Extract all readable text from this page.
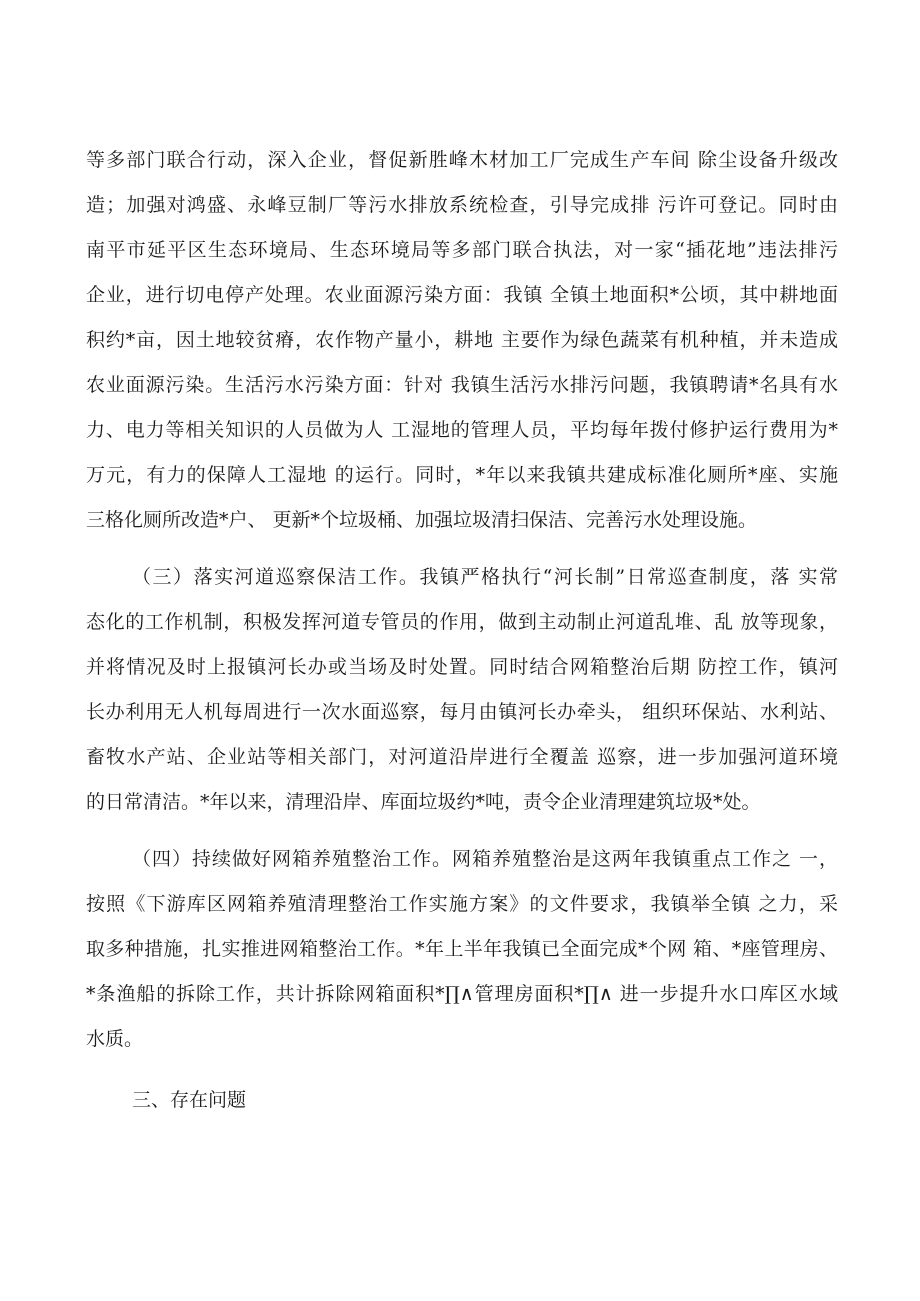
等多部门联合行动，深入企业，督促新胜峰木材加工厂完成生产车间 除尘设备升级改
造；加强对鸿盛、永峰豆制厂等污水排放系统检查，引导完成排 污许可登记。同时由
南平市延平区生态环境局、生态环境局等多部门联合执法，对一家“插花地”违法排污
企业，进行切电停产处理。农业面源污染方面：我镇 全镇土地面积*公顷，其中耕地面
积约*亩，因土地较贫瘠，农作物产量小，耕地 主要作为绿色蔬菜有机种植，并未造成
农业面源污染。生活污水污染方面：针对 我镇生活污水排污问题，我镇聘请*名具有水
力、电力等相关知识的人员做为人 工湿地的管理人员，平均每年拨付修护运行费用为*
万元，有力的保障人工湿地 的运行。同时，*年以来我镇共建成标准化厕所*座、实施
三格化厕所改造*户、 更新*个垃圾桶、加强垃圾清扫保洁、完善污水处理设施。
（三）落实河道巡察保洁工作。我镇严格执行“河长制”日常巡查制度，落 实常
态化的工作机制，积极发挥河道专管员的作用，做到主动制止河道乱堆、乱 放等现象，
并将情况及时上报镇河长办或当场及时处置。同时结合网箱整治后期 防控工作，镇河
长办利用无人机每周进行一次水面巡察，每月由镇河长办牵头， 组织环保站、水利站、
畜牧水产站、企业站等相关部门，对河道沿岸进行全覆盖 巡察，进一步加强河道环境
的日常清洁。*年以来，清理沿岸、库面垃圾约*吨，责令企业清理建筑垃圾*处。
（四）持续做好网箱养殖整治工作。网箱养殖整治是这两年我镇重点工作之 一，
按照《下游库区网箱养殖清理整治工作实施方案》的文件要求，我镇举全镇 之力，采
取多种措施，扎实推进网箱整治工作。*年上半年我镇已全面完成*个网 箱、*座管理房、
*条渔船的拆除工作，共计拆除网箱面积*∏∧管理房面积*∏∧ 进一步提升水口库区水域
水质。
三、存在问题
